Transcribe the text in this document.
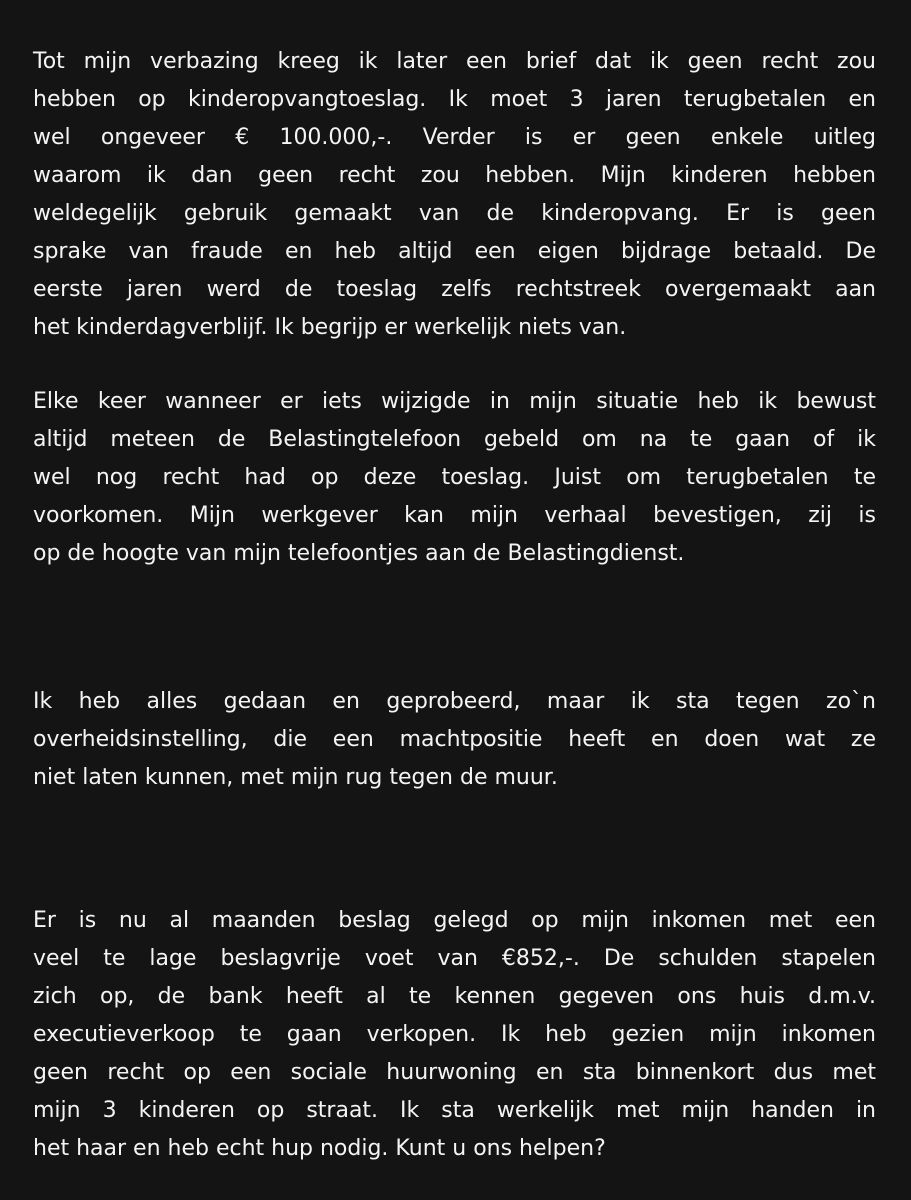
Tot mijn verbazing kreeg ik later een brief dat ik geen recht zou
hebben op kinderopvangtoeslag. Ik moet 3 jaren terugbetalen en
wel ongeveer € 100.000,-. Verder is er geen enkele uitleg
waarom ik dan geen recht zou hebben. Mijn kinderen hebben
weldegelijk gebruik gemaakt van de kinderopvang. Er is geen
sprake van fraude en heb altijd een eigen bijdrage betaald. De
eerste jaren werd de toeslag zelfs rechtstreek overgemaakt aan
het kinderdagverblijf. Ik begrijp er werkelijk niets van.
Elke keer wanneer er iets wijzigde in mijn situatie heb ik bewust
altijd meteen de Belastingtelefoon gebeld om na te gaan of ik
wel nog recht had op deze toeslag. Juist om terugbetalen te
voorkomen. Mijn werkgever kan mijn verhaal bevestigen, zij is
op de hoogte van mijn telefoontjes aan de Belastingdienst.
Ik heb alles gedaan en geprobeerd, maar ik sta tegen zo`n
overheidsinstelling, die een machtpositie heeft en doen wat ze
niet laten kunnen, met mijn rug tegen de muur.
Er is nu al maanden beslag gelegd op mijn inkomen met een
veel te lage beslagvrije voet van €852,-. De schulden stapelen
zich op, de bank heeft al te kennen gegeven ons huis d.m.v.
executieverkoop te gaan verkopen. Ik heb gezien mijn inkomen
geen recht op een sociale huurwoning en sta binnenkort dus met
mijn 3 kinderen op straat. Ik sta werkelijk met mijn handen in
het haar en heb echt hup nodig. Kunt u ons helpen?
